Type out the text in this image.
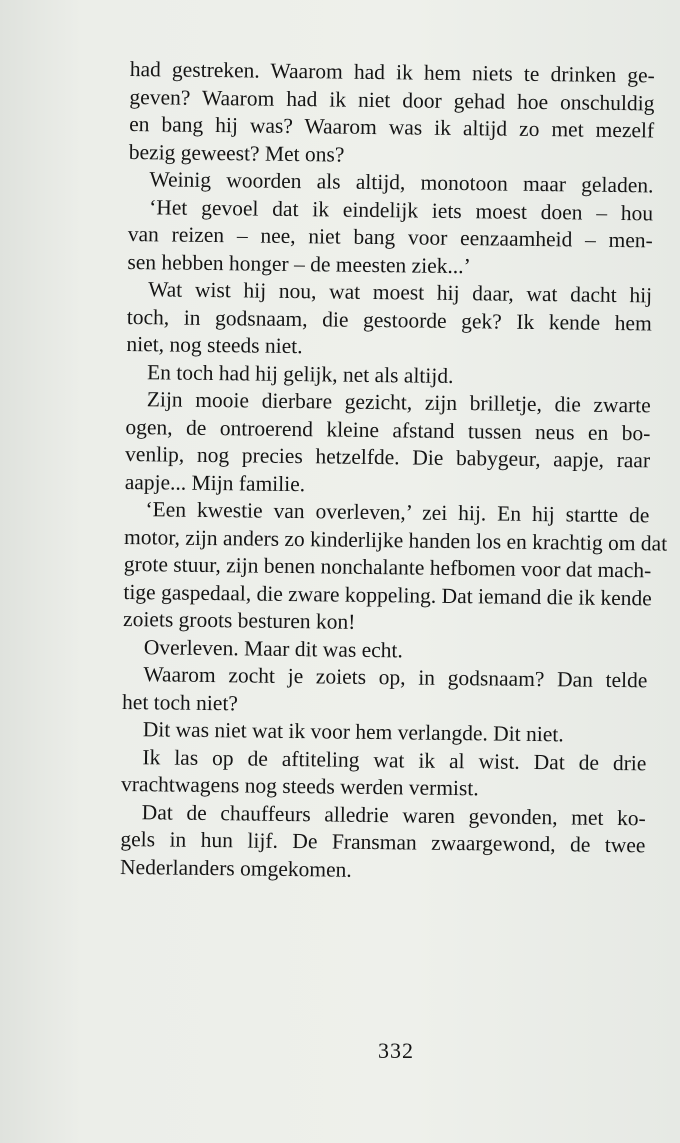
had gestreken. Waarom had ik hem niets te drinken ge-
geven? Waarom had ik niet door gehad hoe onschuldig
en bang hij was? Waarom was ik altijd zo met mezelf
bezig geweest? Met ons?
Weinig woorden als altijd, monotoon maar geladen.
‘Het gevoel dat ik eindelijk iets moest doen – hou
van reizen – nee, niet bang voor eenzaamheid – men-
sen hebben honger – de meesten ziek...’
Wat wist hij nou, wat moest hij daar, wat dacht hij
toch, in godsnaam, die gestoorde gek? Ik kende hem
niet, nog steeds niet.
En toch had hij gelijk, net als altijd.
Zijn mooie dierbare gezicht, zijn brilletje, die zwarte
ogen, de ontroerend kleine afstand tussen neus en bo-
venlip, nog precies hetzelfde. Die babygeur, aapje, raar
aapje... Mijn familie.
‘Een kwestie van overleven,’ zei hij. En hij startte de
motor, zijn anders zo kinderlijke handen los en krachtig om dat
grote stuur, zijn benen nonchalante hefbomen voor dat mach-
tige gaspedaal, die zware koppeling. Dat iemand die ik kende
zoiets groots besturen kon!
Overleven. Maar dit was echt.
Waarom zocht je zoiets op, in godsnaam? Dan telde
het toch niet?
Dit was niet wat ik voor hem verlangde. Dit niet.
Ik las op de aftiteling wat ik al wist. Dat de drie
vrachtwagens nog steeds werden vermist.
Dat de chauffeurs alledrie waren gevonden, met ko-
gels in hun lijf. De Fransman zwaargewond, de twee
Nederlanders omgekomen.
332
